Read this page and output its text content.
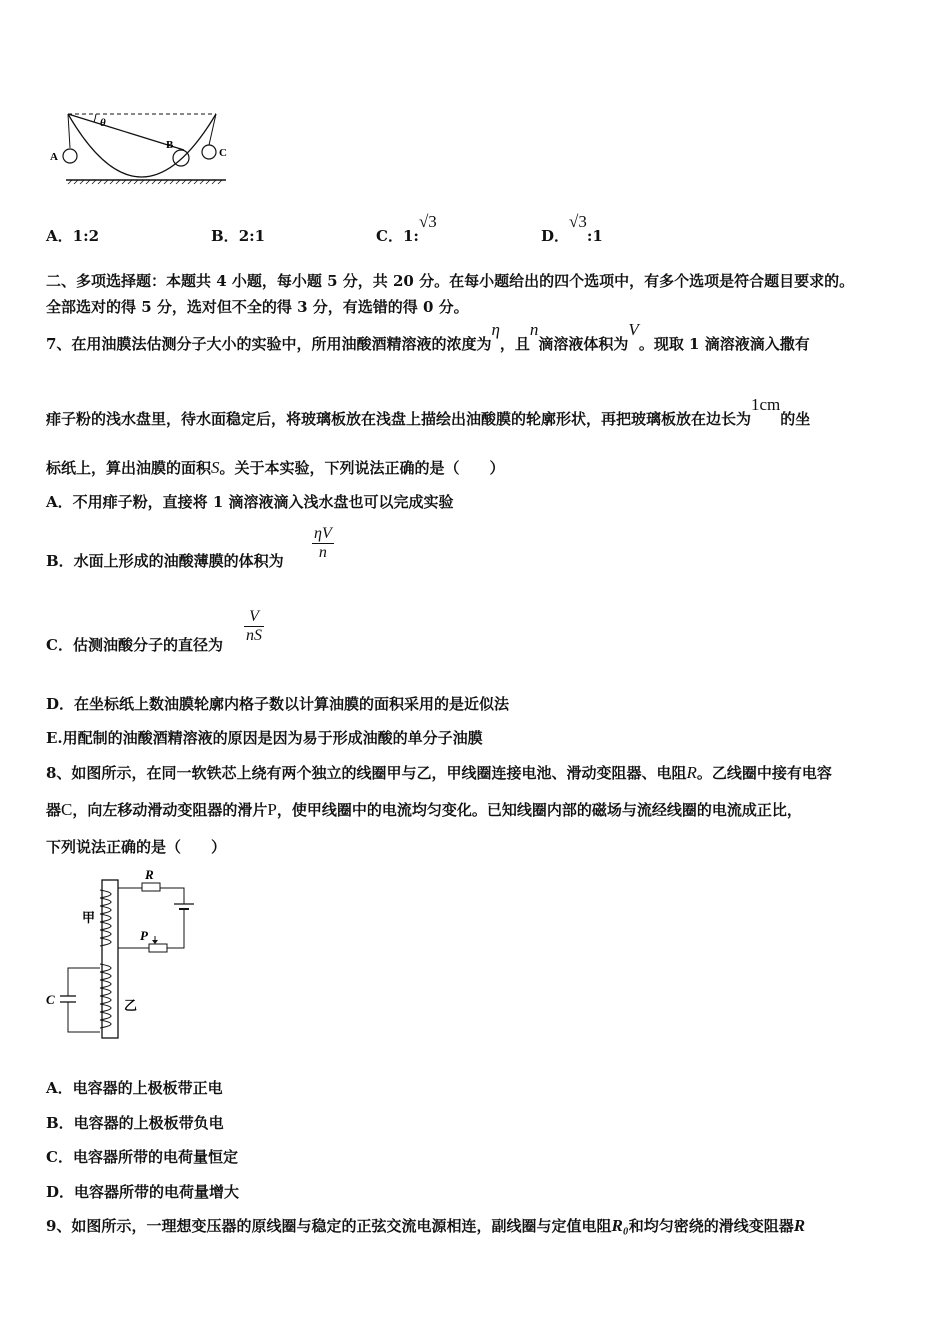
A
B
C
θ
A．1:2	B．2:1	C．1:√3
D．√3:1
二、多项选择题：本题共 4 小题，每小题 5 分，共 20 分。在每小题给出的四个选项中，有多个选项是符合题目要求的。
全部选对的得 5 分，选对但不全的得 3 分，有选错的得 0 分。
7、在用油膜法估测分子大小的实验中，所用油酸酒精溶液的浓度为η，且n滴溶液体积为V。现取 1 滴溶液滴入撒有
痱子粉的浅水盘里，待水面稳定后，将玻璃板放在浅盘上描绘出油酸膜的轮廓形状，再把玻璃板放在边长为1cm的坐
标纸上，算出油膜的面积S。关于本实验，下列说法正确的是（　　）
A．不用痱子粉，直接将 1 滴溶液滴入浅水盘也可以完成实验
B．水面上形成的油酸薄膜的体积为 $\frac{\eta V}{n}$
C．估测油酸分子的直径为 $\frac{V}{nS}$
D．在坐标纸上数油膜轮廓内格子数以计算油膜的面积采用的是近似法
E.用配制的油酸酒精溶液的原因是因为易于形成油酸的单分子油膜
8、如图所示，在同一软铁芯上绕有两个独立的线圈甲与乙，甲线圈连接电池、滑动变阻器、电阻R。乙线圈中接有电容
器C，向左移动滑动变阻器的滑片P，使甲线圈中的电流均匀变化。已知线圈内部的磁场与流经线圈的电流成正比，
下列说法正确的是（　　）
R
P
C
甲
乙
A．电容器的上极板带正电
B．电容器的上极板带负电
C．电容器所带的电荷量恒定
D．电容器所带的电荷量增大
9、如图所示，一理想变压器的原线圈与稳定的正弦交流电源相连，副线圈与定值电阻R₀和均匀密绕的滑线变阻器R
